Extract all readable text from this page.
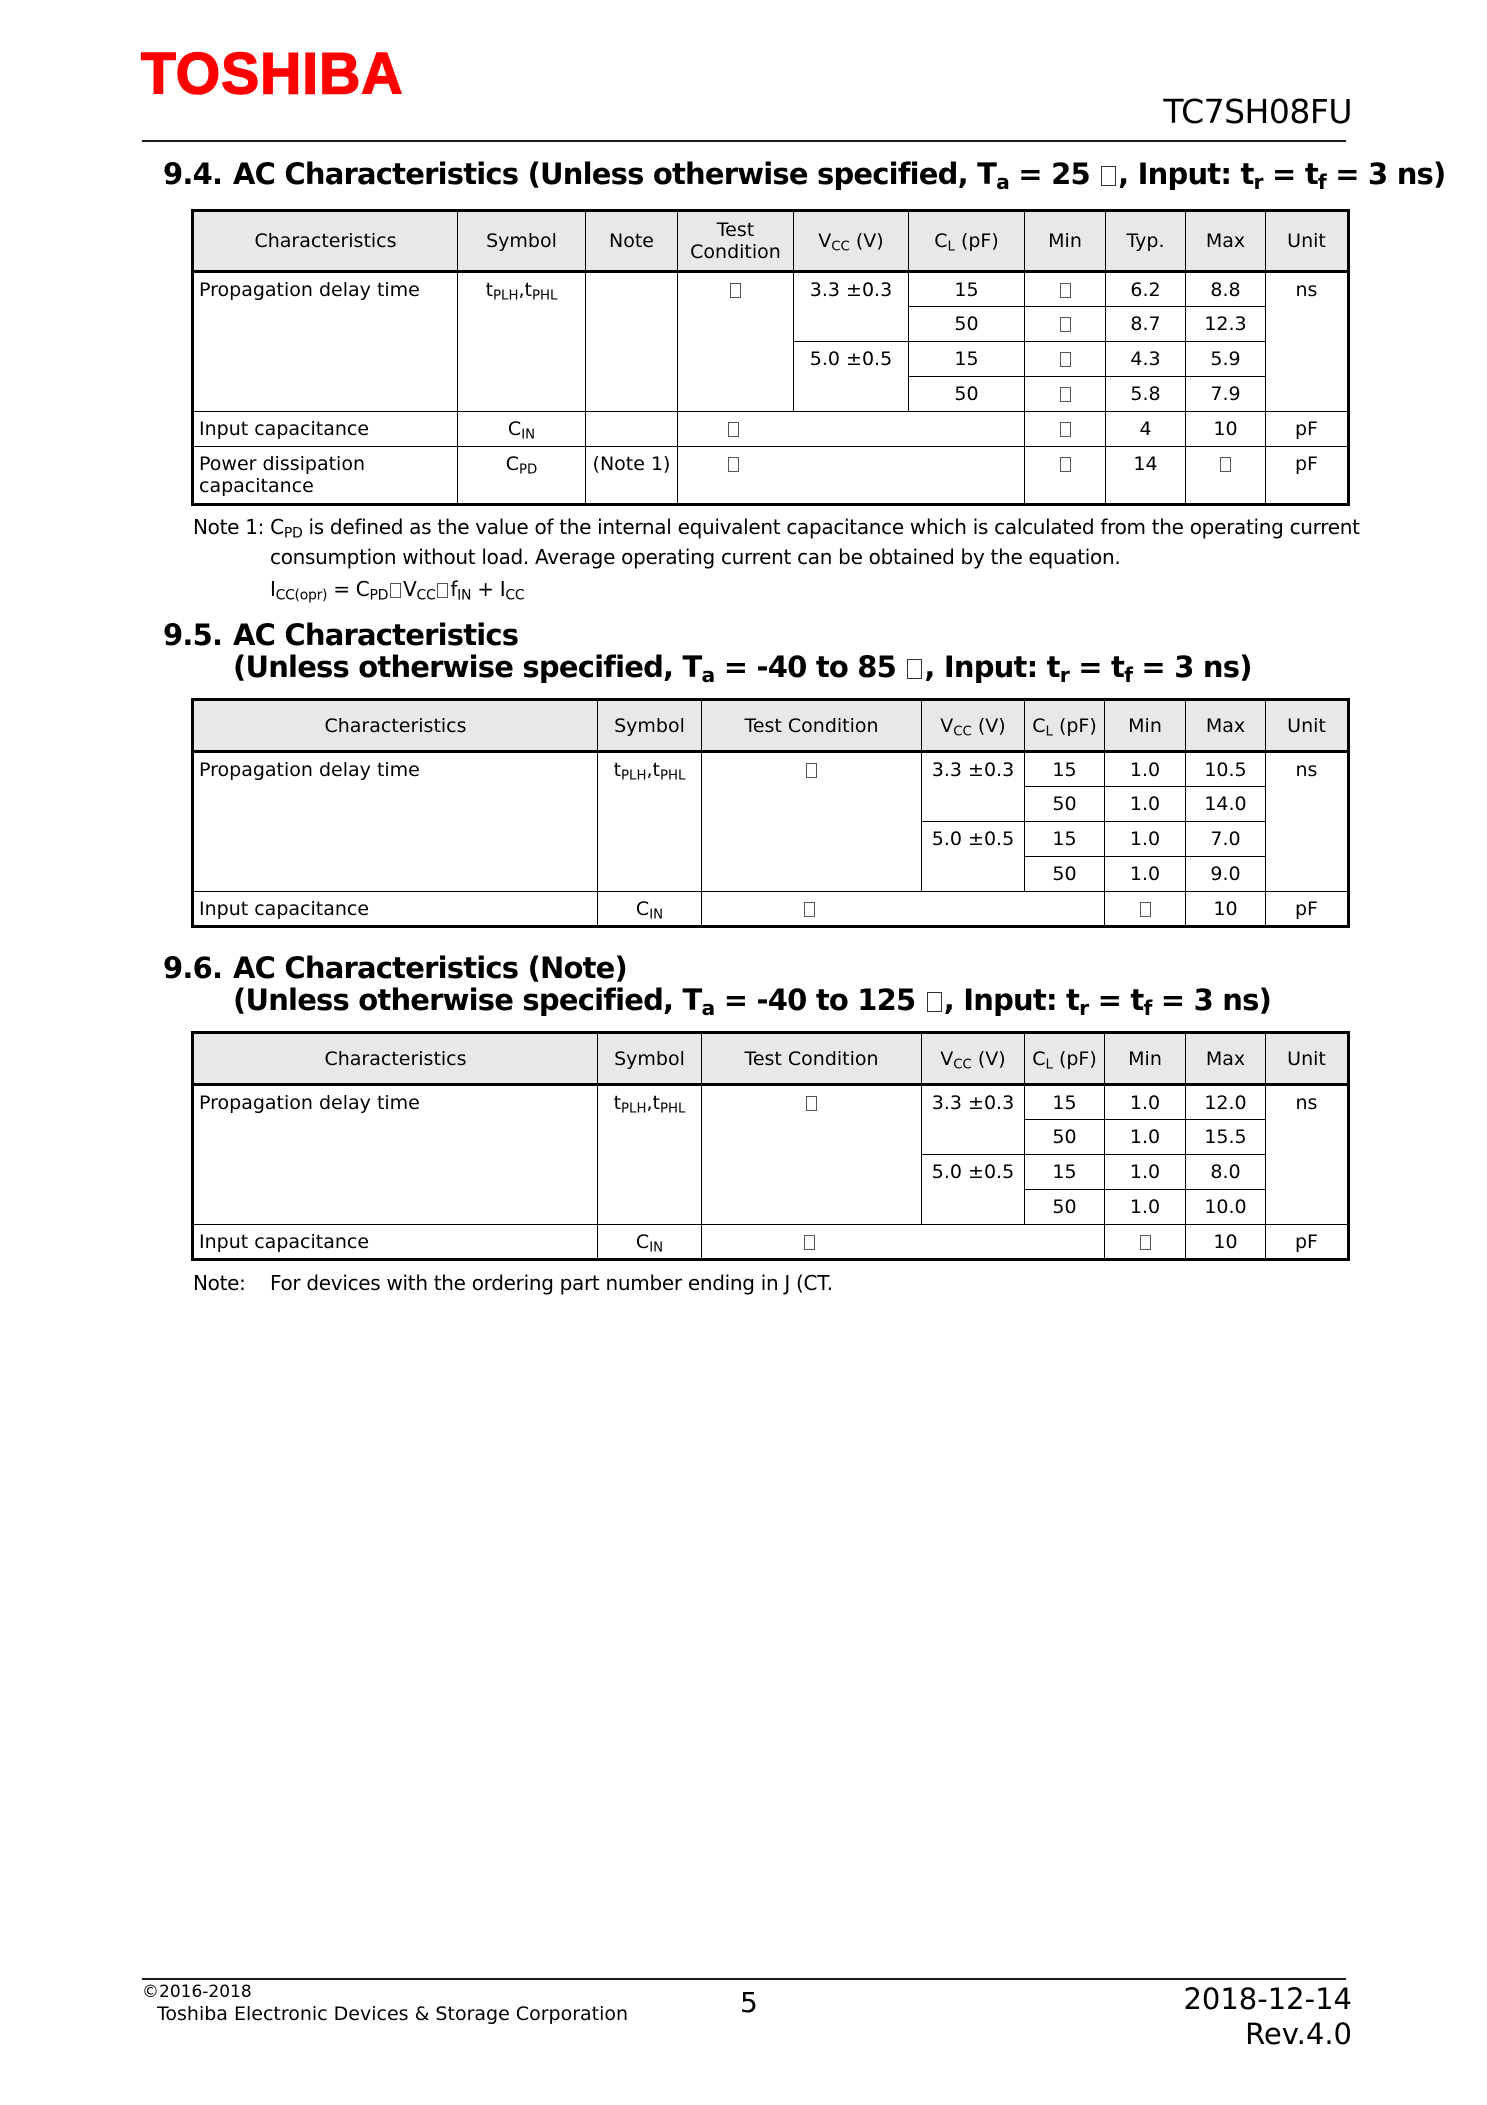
TOSHIBA
TC7SH08FU
9.4. AC Characteristics (Unless otherwise specified, $T_a = 25$ , Input: $t_r = t_f = 3$ ns)
Characteristics	Symbol	Note	Test
Condition	$V_{CC}$ (V)	$C_L$ (pF)	Min	Typ.	Max	Unit
Propagation delay time	$t_{PLH},t_{PHL}$			3.3 ±0.3	15		6.2	8.8	ns
					50		8.7	12.3	
				5.0 ±0.5	15		4.3	5.9	
					50		5.8	7.9	
Input capacitance	$C_{IN}$						4	10	pF
Power dissipation
capacitance	$C_{PD}$	(Note 1)					14		pF
Note 1: $C_{PD}$ is defined as the value of the internal equivalent capacitance which is calculated from the operating current
consumption without load. Average operating current can be obtained by the equation.
$I_{CC(opr)} = C_{PD}$ $V_{CC}$ $f_{IN} + I_{CC}$
9.5. AC Characteristics
(Unless otherwise specified, $T_a = -40$ to 85 , Input: $t_r = t_f = 3$ ns)
Characteristics	Symbol	Test Condition	$V_{CC}$ (V)	$C_L$ (pF)	Min	Max	Unit
Propagation delay time	$t_{PLH},t_{PHL}$		3.3 ±0.3	15	1.0	10.5	ns
				50	1.0	14.0	
			5.0 ±0.5	15	1.0	7.0	
				50	1.0	9.0	
Input capacitance	$C_{IN}$					10	pF
9.6. AC Characteristics (Note)
(Unless otherwise specified, $T_a = -40$ to 125 , Input: $t_r = t_f = 3$ ns)
Characteristics	Symbol	Test Condition	$V_{CC}$ (V)	$C_L$ (pF)	Min	Max	Unit
Propagation delay time	$t_{PLH},t_{PHL}$		3.3 ±0.3	15	1.0	12.0	ns
				50	1.0	15.5	
			5.0 ±0.5	15	1.0	8.0	
				50	1.0	10.0	
Input capacitance	$C_{IN}$					10	pF
Note: For devices with the ordering part number ending in J (CT.
©2016-2018
Toshiba Electronic Devices & Storage Corporation	5	2018-12-14
Rev.4.0
